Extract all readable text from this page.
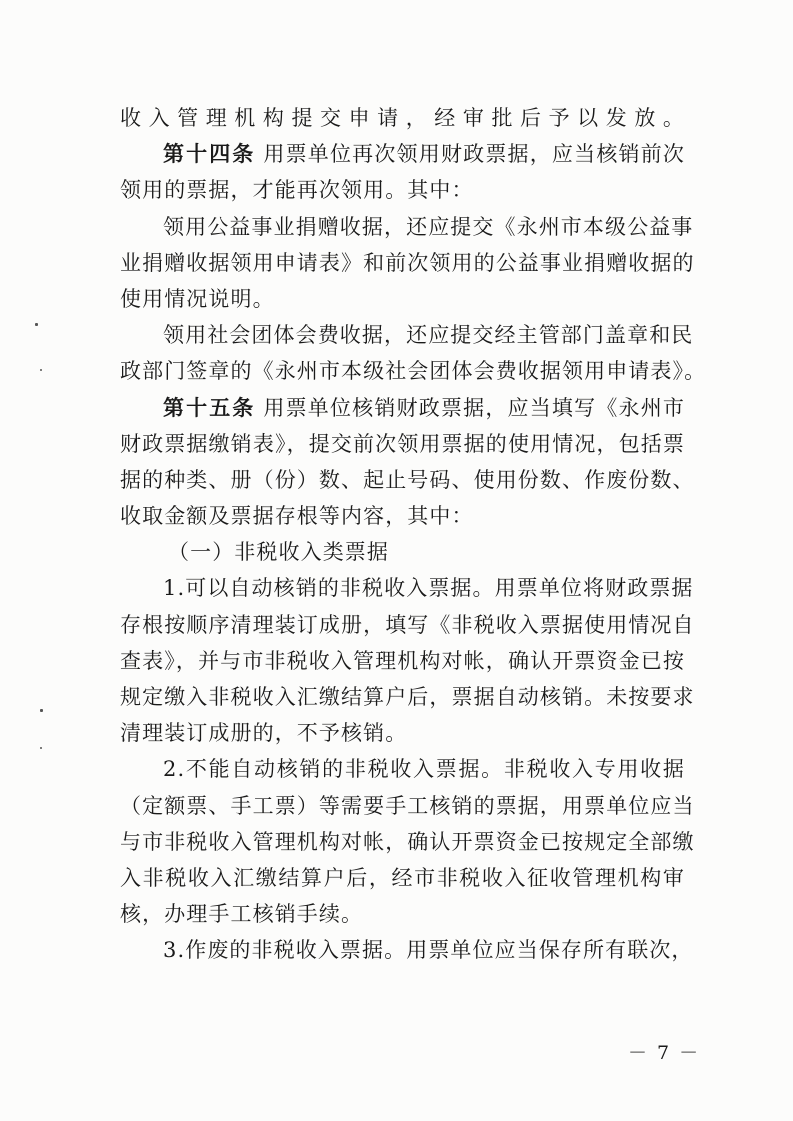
收入管理机构提交申请，经审批后予以发放。
第十四条 用票单位再次领用财政票据，应当核销前次
领用的票据，才能再次领用。其中：
领用公益事业捐赠收据，还应提交《永州市本级公益事
业捐赠收据领用申请表》和前次领用的公益事业捐赠收据的
使用情况说明。
领用社会团体会费收据，还应提交经主管部门盖章和民
政部门签章的《永州市本级社会团体会费收据领用申请表》。
第十五条 用票单位核销财政票据，应当填写《永州市
财政票据缴销表》，提交前次领用票据的使用情况，包括票
据的种类、册（份）数、起止号码、使用份数、作废份数、
收取金额及票据存根等内容，其中：
（一）非税收入类票据
1.可以自动核销的非税收入票据。用票单位将财政票据
存根按顺序清理装订成册，填写《非税收入票据使用情况自
查表》，并与市非税收入管理机构对帐，确认开票资金已按
规定缴入非税收入汇缴结算户后，票据自动核销。未按要求
清理装订成册的，不予核销。
2.不能自动核销的非税收入票据。非税收入专用收据
（定额票、手工票）等需要手工核销的票据，用票单位应当
与市非税收入管理机构对帐，确认开票资金已按规定全部缴
入非税收入汇缴结算户后，经市非税收入征收管理机构审
核，办理手工核销手续。
3.作废的非税收入票据。用票单位应当保存所有联次，
－ 7 －
